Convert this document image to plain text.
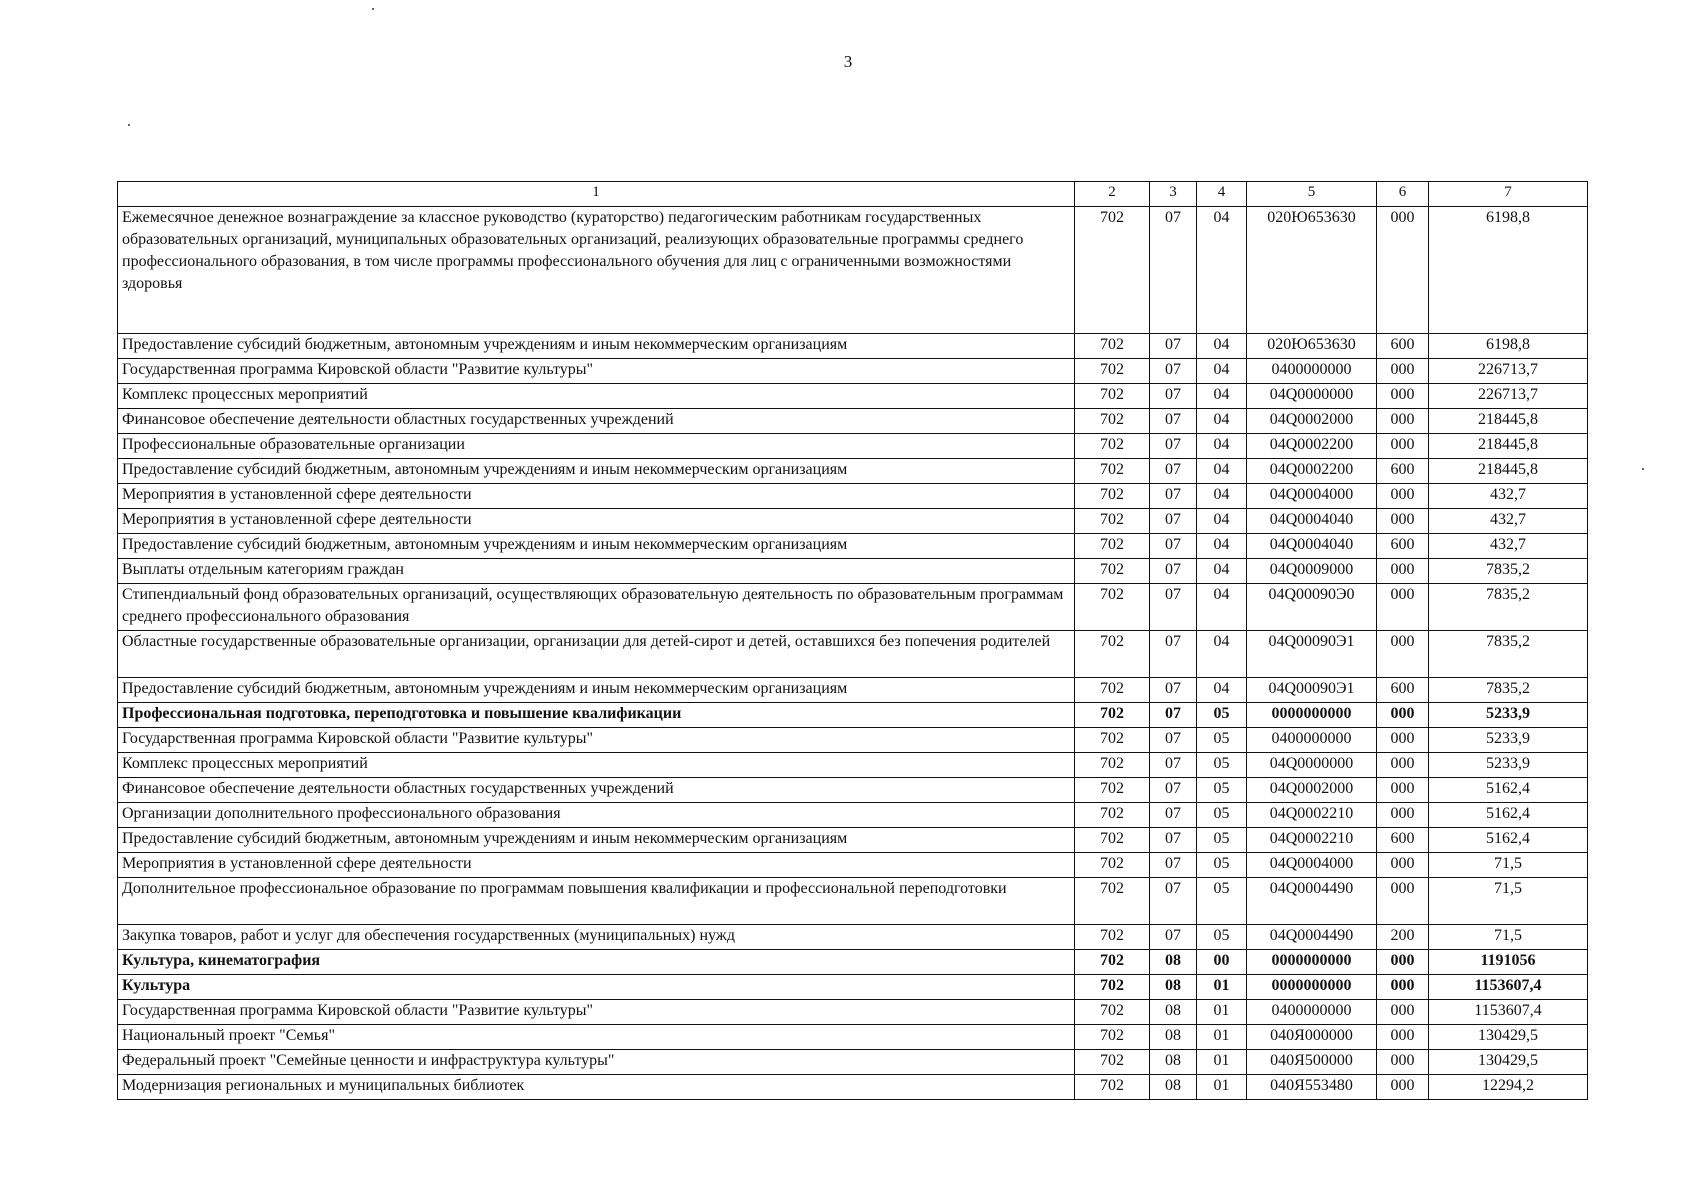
3
1	2	3	4	5	6	7
Ежемесячное денежное вознаграждение за классное руководство (кураторство) педагогическим работникам государственных образовательных организаций, муниципальных образовательных организаций, реализующих образовательные программы среднего профессионального образования, в том числе программы профессионального обучения для лиц с ограниченными возможностями здоровья	702	07	04	020Ю653630	000	6198,8
Предоставление субсидий бюджетным, автономным учреждениям и иным некоммерческим организациям	702	07	04	020Ю653630	600	6198,8
Государственная программа Кировской области "Развитие культуры"	702	07	04	0400000000	000	226713,7
Комплекс процессных мероприятий	702	07	04	04Q0000000	000	226713,7
Финансовое обеспечение деятельности областных государственных учреждений	702	07	04	04Q0002000	000	218445,8
Профессиональные образовательные организации	702	07	04	04Q0002200	000	218445,8
Предоставление субсидий бюджетным, автономным учреждениям и иным некоммерческим организациям	702	07	04	04Q0002200	600	218445,8
Мероприятия в установленной сфере деятельности	702	07	04	04Q0004000	000	432,7
Мероприятия в установленной сфере деятельности	702	07	04	04Q0004040	000	432,7
Предоставление субсидий бюджетным, автономным учреждениям и иным некоммерческим организациям	702	07	04	04Q0004040	600	432,7
Выплаты отдельным категориям граждан	702	07	04	04Q0009000	000	7835,2
Стипендиальный фонд образовательных организаций, осуществляющих образовательную деятельность по образовательным программам среднего профессионального образования	702	07	04	04Q00090Э0	000	7835,2
Областные государственные образовательные организации, организации для детей-сирот и детей, оставшихся без попечения родителей	702	07	04	04Q00090Э1	000	7835,2
Предоставление субсидий бюджетным, автономным учреждениям и иным некоммерческим организациям	702	07	04	04Q00090Э1	600	7835,2
Профессиональная подготовка, переподготовка и повышение квалификации	702	07	05	0000000000	000	5233,9
Государственная программа Кировской области "Развитие культуры"	702	07	05	0400000000	000	5233,9
Комплекс процессных мероприятий	702	07	05	04Q0000000	000	5233,9
Финансовое обеспечение деятельности областных государственных учреждений	702	07	05	04Q0002000	000	5162,4
Организации дополнительного профессионального образования	702	07	05	04Q0002210	000	5162,4
Предоставление субсидий бюджетным, автономным учреждениям и иным некоммерческим организациям	702	07	05	04Q0002210	600	5162,4
Мероприятия в установленной сфере деятельности	702	07	05	04Q0004000	000	71,5
Дополнительное профессиональное образование по программам повышения квалификации и профессиональной переподготовки	702	07	05	04Q0004490	000	71,5
Закупка товаров, работ и услуг для обеспечения государственных (муниципальных) нужд	702	07	05	04Q0004490	200	71,5
Культура, кинематография	702	08	00	0000000000	000	1191056
Культура	702	08	01	0000000000	000	1153607,4
Государственная программа Кировской области "Развитие культуры"	702	08	01	0400000000	000	1153607,4
Национальный проект "Семья"	702	08	01	040Я000000	000	130429,5
Федеральный проект "Семейные ценности и инфраструктура культуры"	702	08	01	040Я500000	000	130429,5
Модернизация региональных и муниципальных библиотек	702	08	01	040Я553480	000	12294,2
